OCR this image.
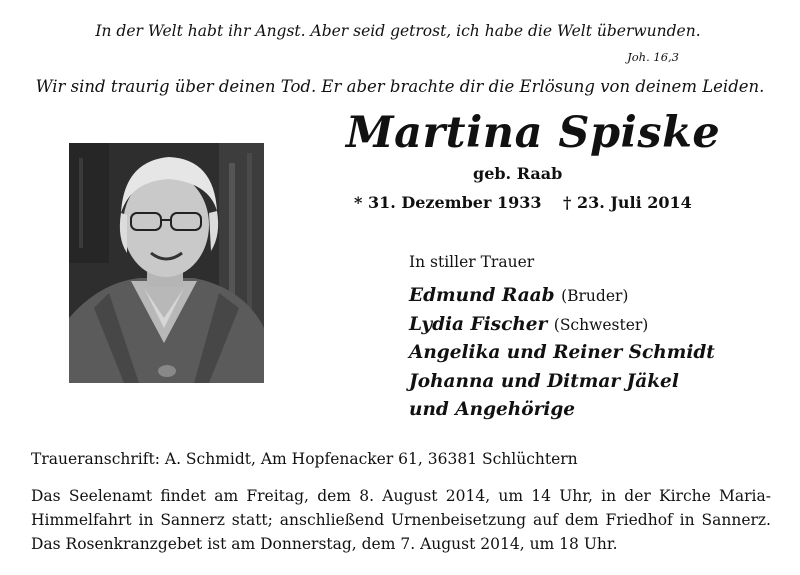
In der Welt habt ihr Angst. Aber seid getrost, ich habe die Welt überwunden.
Joh. 16,3
Wir sind traurig über deinen Tod. Er aber brachte dir die Erlösung von deinem Leiden.
Martina Spiske
geb. Raab
* 31. Dezember 1933 † 23. Juli 2014
In stiller Trauer
Edmund Raab (Bruder)
Lydia Fischer (Schwester)
Angelika und Reiner Schmidt
Johanna und Ditmar Jäkel
und Angehörige
Traueranschrift: A. Schmidt, Am Hopfenacker 61, 36381 Schlüchtern
Das Seelenamt findet am Freitag, dem 8. August 2014, um 14 Uhr, in der Kirche Maria-Himmelfahrt in Sannerz statt; anschließend Urnenbeisetzung auf dem Friedhof in Sannerz. Das Rosenkranzgebet ist am Donnerstag, dem 7. August 2014, um 18 Uhr.
